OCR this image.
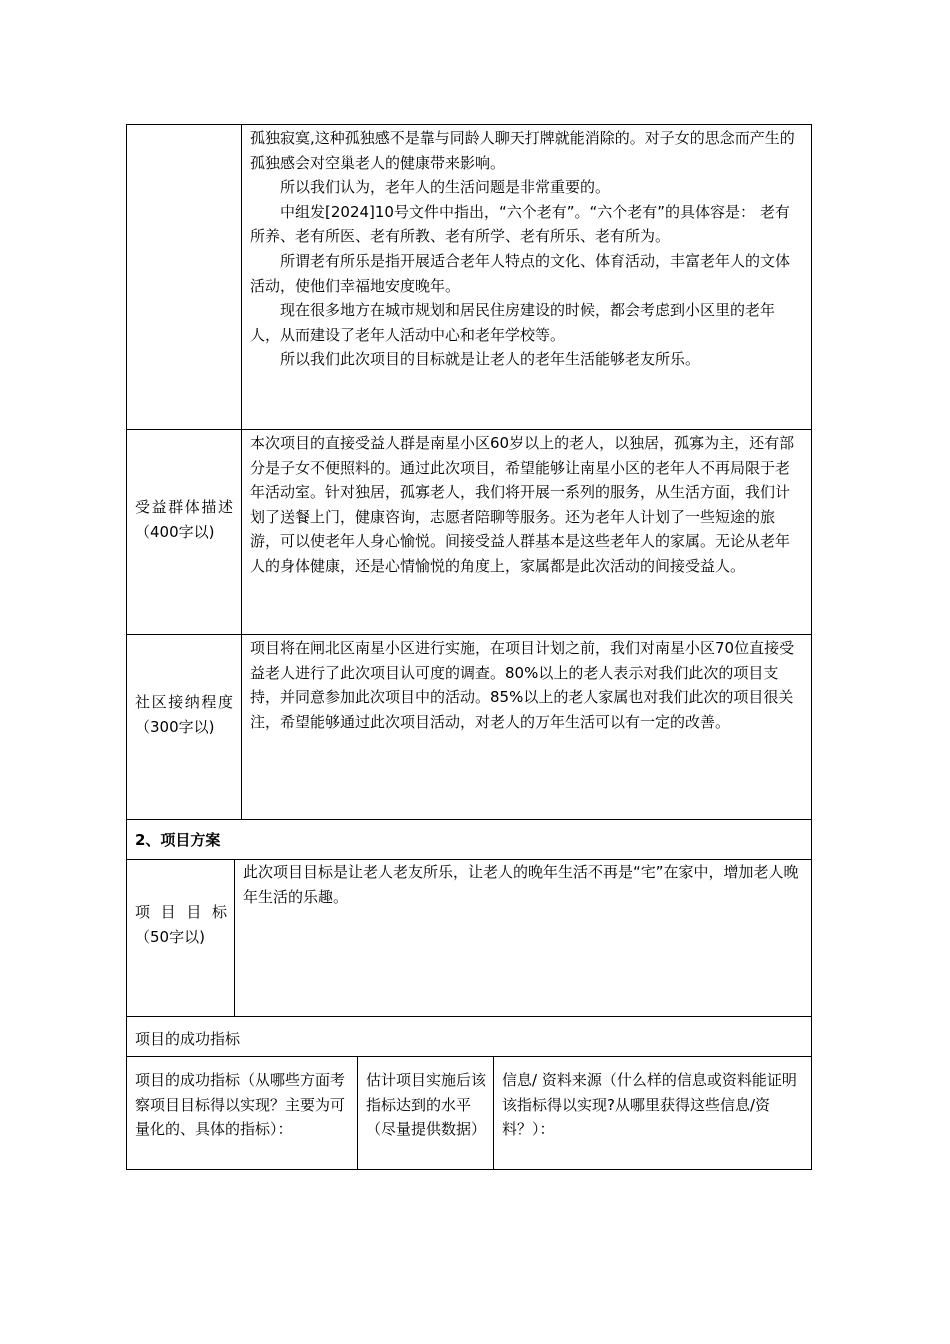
孤独寂寞,这种孤独感不是靠与同龄人聊天打牌就能消除的。对子女的思念而产生的孤独感会对空巢老人的健康带来影响。

所以我们认为，老年人的生活问题是非常重要的。

中组发[2024]10号文件中指出，“六个老有”。“六个老有”的具体容是： 老有所养、老有所医、老有所教、老有所学、老有所乐、老有所为。

所谓老有所乐是指开展适合老年人特点的文化、体育活动，丰富老年人的文体活动，使他们幸福地安度晚年。

现在很多地方在城市规划和居民住房建设的时候，都会考虑到小区里的老年人，从而建设了老年人活动中心和老年学校等。

所以我们此次项目的目标就是让老人的老年生活能够老友所乐。

受益群体描述（400字以)
本次项目的直接受益人群是南星小区60岁以上的老人，以独居，孤寡为主，还有部分是子女不便照料的。通过此次项目，希望能够让南星小区的老年人不再局限于老年活动室。针对独居，孤寡老人，我们将开展一系列的服务，从生活方面，我们计划了送餐上门，健康咨询，志愿者陪聊等服务。还为老年人计划了一些短途的旅游，可以使老年人身心愉悦。间接受益人群基本是这些老年人的家属。无论从老年人的身体健康，还是心情愉悦的角度上，家属都是此次活动的间接受益人。
社区接纳程度（300字以)
项目将在闸北区南星小区进行实施，在项目计划之前，我们对南星小区70位直接受益老人进行了此次项目认可度的调查。80%以上的老人表示对我们此次的项目支持，并同意参加此次项目中的活动。85%以上的老人家属也对我们此次的项目很关注，希望能够通过此次项目活动，对老人的万年生活可以有一定的改善。
2、项目方案
项目目标（50字以)
此次项目目标是让老人老友所乐，让老人的晚年生活不再是“宅”在家中，增加老人晚年生活的乐趣。
项目的成功指标
项目的成功指标（从哪些方面考察项目目标得以实现？主要为可量化的、具体的指标）：
估计项目实施后该指标达到的水平（尽量提供数据）
信息/ 资料来源（什么样的信息或资料能证明该指标得以实现?从哪里获得这些信息/资料？）：
